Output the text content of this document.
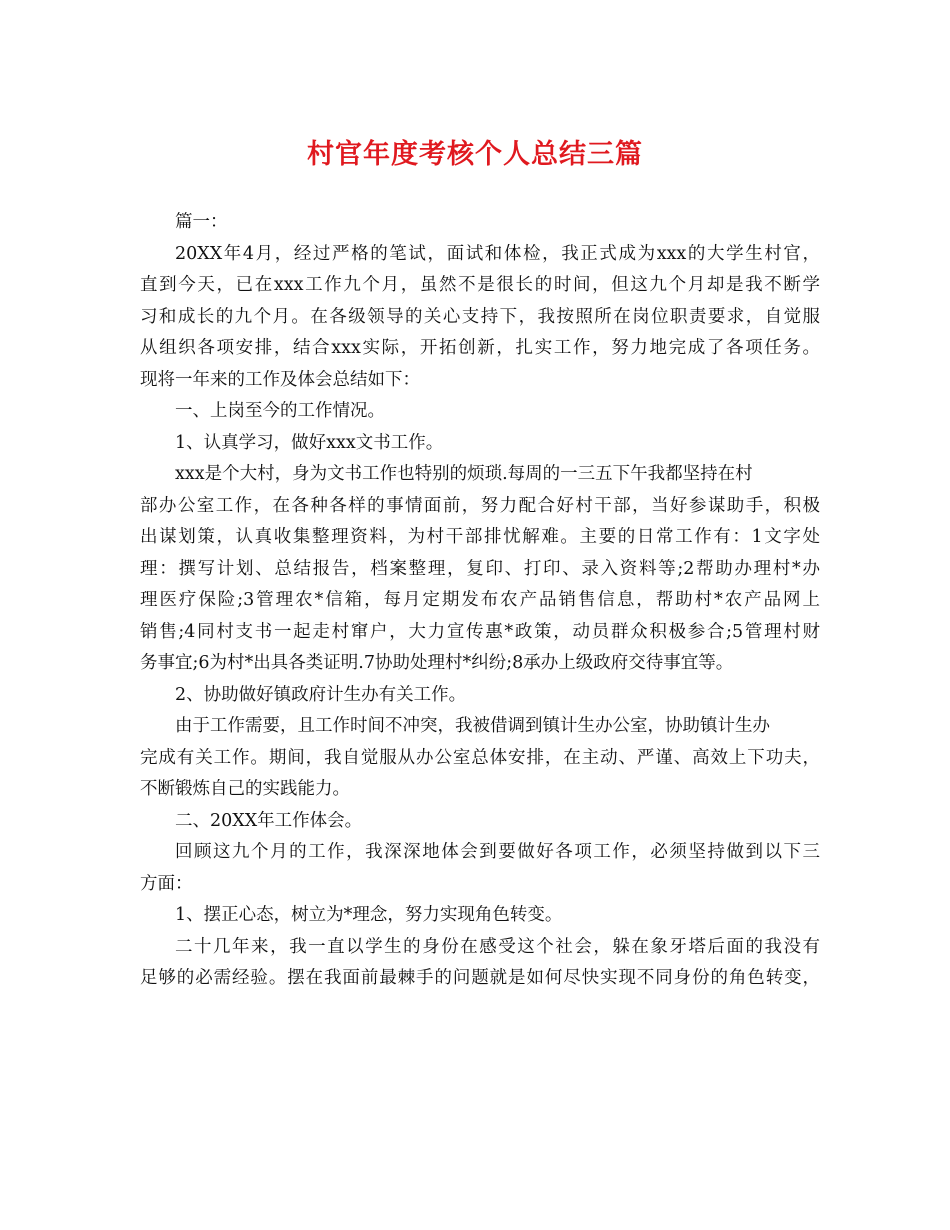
村官年度考核个人总结三篇
篇一：
20XX年4月，经过严格的笔试，面试和体检，我正式成为xxx的大学生村官，
直到今天，已在xxx工作九个月，虽然不是很长的时间，但这九个月却是我不断学
习和成长的九个月。在各级领导的关心支持下，我按照所在岗位职责要求，自觉服
从组织各项安排，结合xxx实际，开拓创新，扎实工作，努力地完成了各项任务。
现将一年来的工作及体会总结如下：
一、上岗至今的工作情况。
1、认真学习，做好xxx文书工作。
xxx是个大村，身为文书工作也特别的烦琐.每周的一三五下午我都坚持在村
部办公室工作，在各种各样的事情面前，努力配合好村干部，当好参谋助手，积极
出谋划策，认真收集整理资料，为村干部排忧解难。主要的日常工作有：1文字处
理：撰写计划、总结报告，档案整理，复印、打印、录入资料等;2帮助办理村*办
理医疗保险;3管理农*信箱，每月定期发布农产品销售信息，帮助村*农产品网上
销售;4同村支书一起走村窜户，大力宣传惠*政策，动员群众积极参合;5管理村财
务事宜;6为村*出具各类证明.7协助处理村*纠纷;8承办上级政府交待事宜等。
2、协助做好镇政府计生办有关工作。
由于工作需要，且工作时间不冲突，我被借调到镇计生办公室，协助镇计生办
完成有关工作。期间，我自觉服从办公室总体安排，在主动、严谨、高效上下功夫，
不断锻炼自己的实践能力。
二、20XX年工作体会。
回顾这九个月的工作，我深深地体会到要做好各项工作，必须坚持做到以下三
方面：
1、摆正心态，树立为*理念，努力实现角色转变。
二十几年来，我一直以学生的身份在感受这个社会，躲在象牙塔后面的我没有
足够的必需经验。摆在我面前最棘手的问题就是如何尽快实现不同身份的角色转变，
